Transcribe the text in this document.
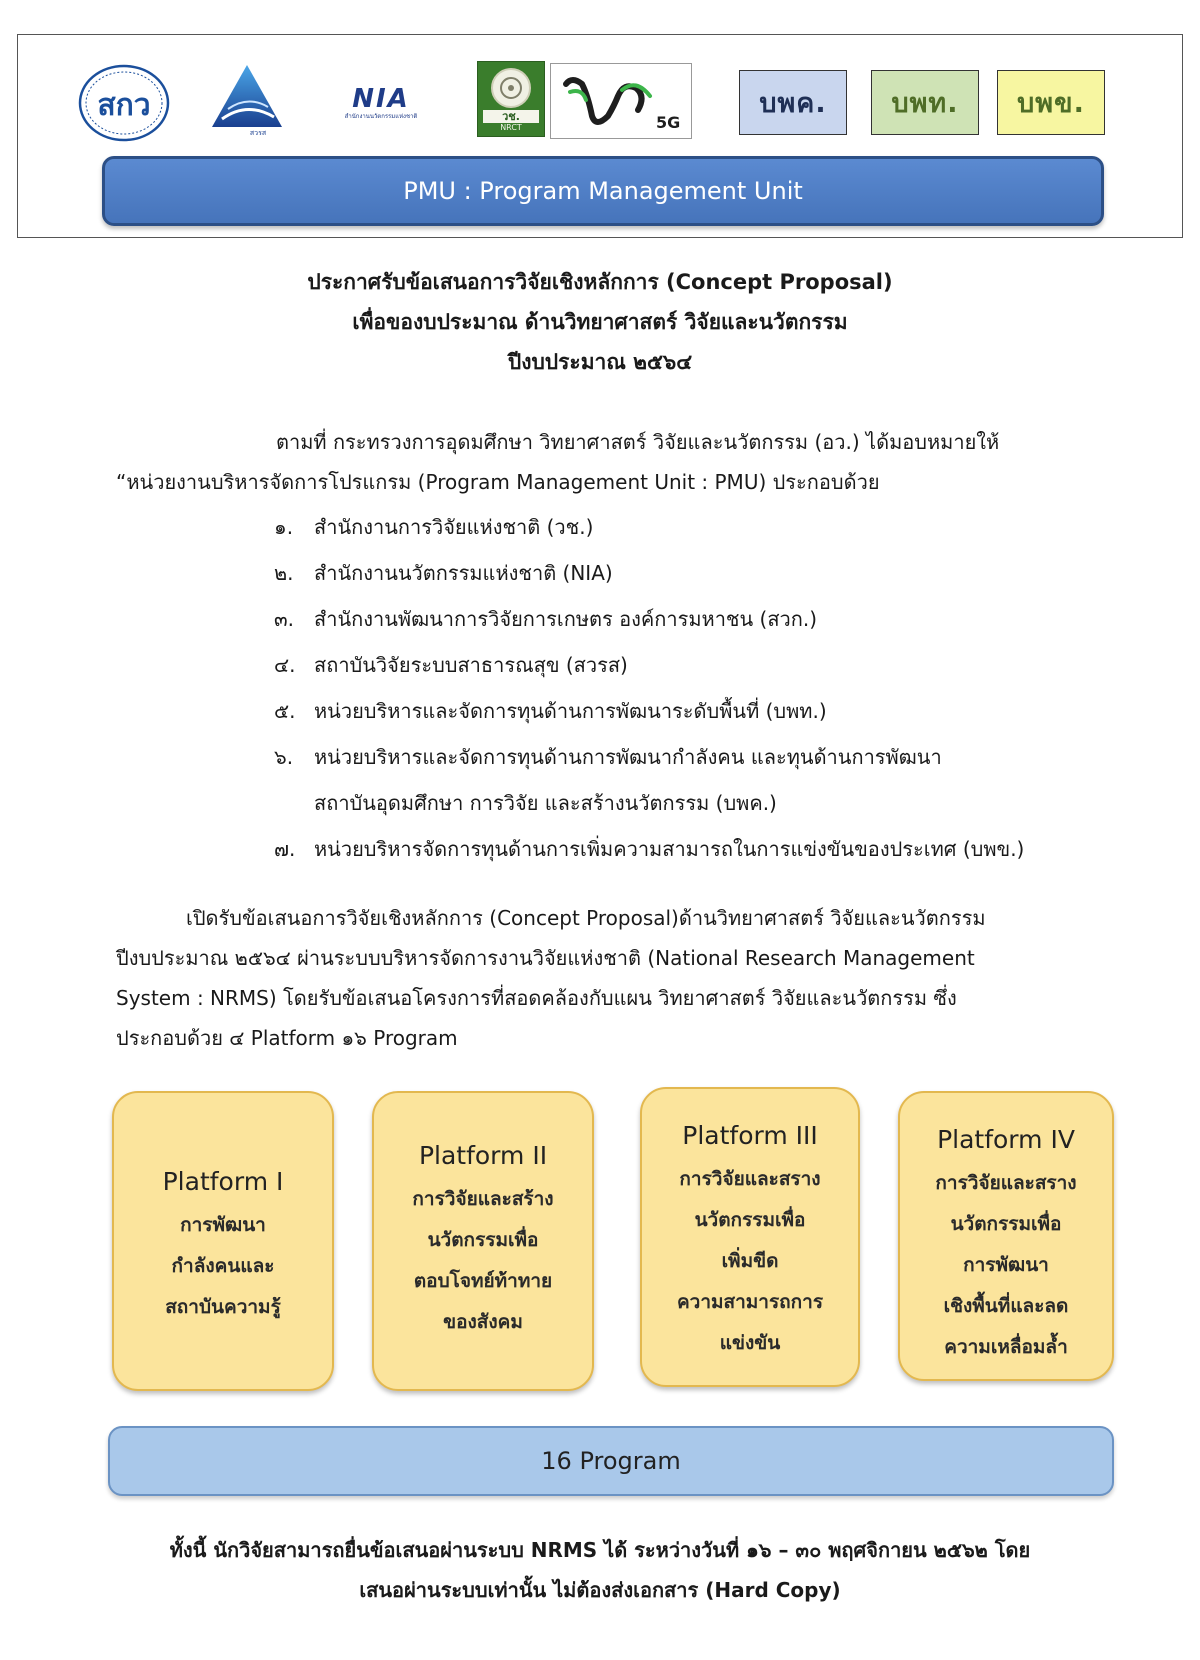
สกว
สวรส
NIA
สำนักงานนวัตกรรมแห่งชาติ	วช.
NRCT	5G
บพค. บพท. บพข.
PMU : Program Management Unit
ประกาศรับข้อเสนอการวิจัยเชิงหลักการ (Concept Proposal)
เพื่อของบประมาณ ด้านวิทยาศาสตร์ วิจัยและนวัตกรรม
ปีงบประมาณ ๒๕๖๔
ตามที่ กระทรวงการอุดมศึกษา วิทยาศาสตร์ วิจัยและนวัตกรรม (อว.) ได้มอบหมายให้
“หน่วยงานบริหารจัดการโปรแกรม (Program Management Unit : PMU) ประกอบด้วย
๑.	สำนักงานการวิจัยแห่งชาติ (วช.)
๒.	สำนักงานนวัตกรรมแห่งชาติ (NIA)
๓. สำนักงานพัฒนาการวิจัยการเกษตร องค์การมหาชน (สวก.)
๔. สถาบันวิจัยระบบสาธารณสุข (สวรส)
๕. หน่วยบริหารและจัดการทุนด้านการพัฒนาระดับพื้นที่ (บพท.)
๖.	หน่วยบริหารและจัดการทุนด้านการพัฒนากำลังคน และทุนด้านการพัฒนา
สถาบันอุดมศึกษา การวิจัย และสร้างนวัตกรรม (บพค.)
๗. หน่วยบริหารจัดการทุนด้านการเพิ่มความสามารถในการแข่งขันของประเทศ (บพข.)
เปิดรับข้อเสนอการวิจัยเชิงหลักการ (Concept Proposal)ด้านวิทยาศาสตร์ วิจัยและนวัตกรรม
ปีงบประมาณ ๒๕๖๔ ผ่านระบบบริหารจัดการงานวิจัยแห่งชาติ (National Research Management
System : NRMS) โดยรับข้อเสนอโครงการที่สอดคล้องกับแผน วิทยาศาสตร์ วิจัยและนวัตกรรม ซึ่ง
ประกอบด้วย ๔ Platform ๑๖ Program
Platform I
การพัฒนา
กำลังคนและ
สถาบันความรู้
Platform II
การวิจัยและสร้าง
นวัตกรรมเพื่อ
ตอบโจทย์ท้าทาย
ของสังคม
Platform III
การวิจัยและสราง
นวัตกรรมเพื่อ
เพิ่มขีด
ความสามารถการ
แข่งขัน
Platform IV
การวิจัยและสราง
นวัตกรรมเพื่อ
การพัฒนา
เชิงพื้นที่และลด
ความเหลื่อมล้ำ
16 Program
ทั้งนี้ นักวิจัยสามารถยื่นข้อเสนอผ่านระบบ NRMS ได้ ระหว่างวันที่ ๑๖ – ๓๐ พฤศจิกายน ๒๕๖๒ โดย
เสนอผ่านระบบเท่านั้น ไม่ต้องส่งเอกสาร (Hard Copy)
